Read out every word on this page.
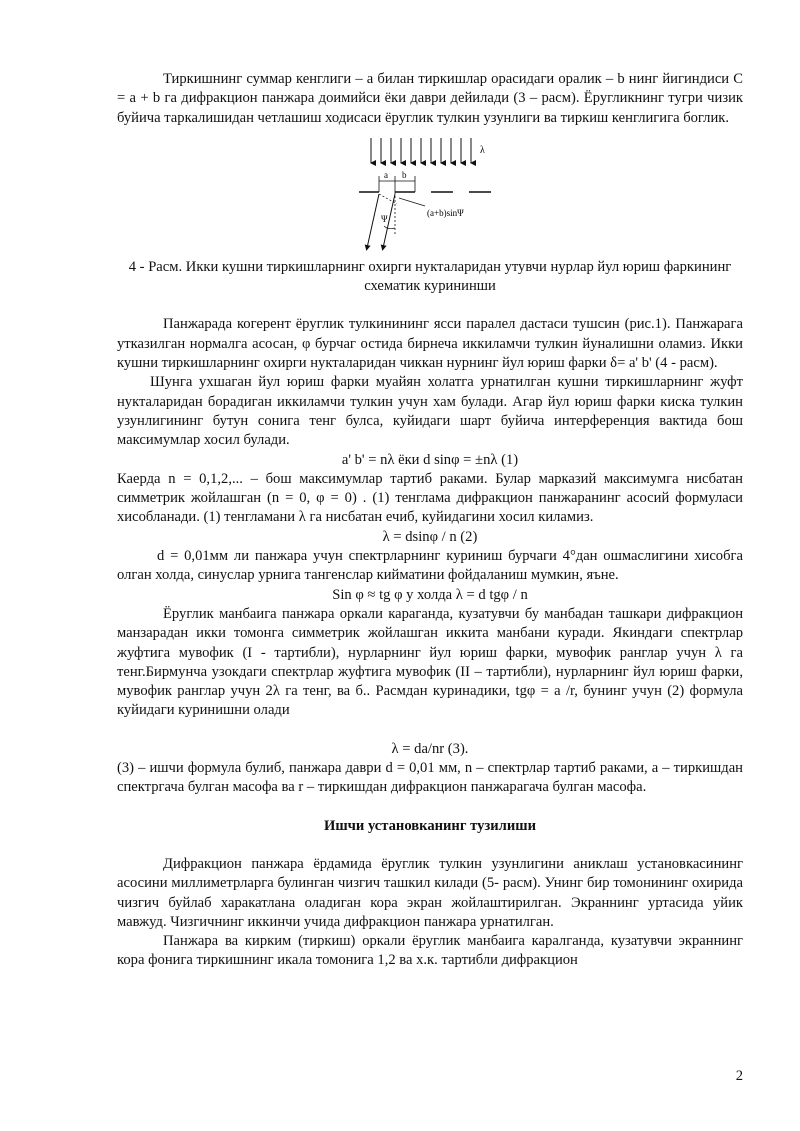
Тиркишнинг суммар кенглиги – а билан тиркишлар орасидаги оралик – b нинг йигиндиси C = a + b га дифракцион панжара доимийси ёки даври дейилади (3 – расм). Ёругликнинг тугри чизик буйича таркалишидан четлашиш ходисаси ёруглик тулкин узунлиги ва тиркиш кенглигига боглик.

λ
a b
(a+b)sinΨ
Ψ

4 - Расм. Икки кушни тиркишларнинг охирги нукталаридан утувчи нурлар йул юриш фаркининг схематик курининши

Панжарада когерент ёруглик тулкинининг ясси паралел дастаси тушсин (рис.1). Панжарага утказилган нормалга асосан, φ бурчаг остида бирнеча иккиламчи тулкин йуналишни оламиз. Икки кушни тиркишларнинг охирги нукталаридан чиккан нурнинг йул юриш фарки δ= a' b' (4 - расм).

Шунга ухшаган йул юриш фарки муайян холатга урнатилган кушни тиркишларнинг жуфт нукталаридан борадиган иккиламчи тулкин учун хам булади. Агар йул юриш фарки киска тулкин узунлигининг бутун сонига тенг булса, куйидаги шарт буйича интерференция вактида бош максимумлар хосил булади.

a' b' = nλ ёки d sinφ = ±nλ (1)

Каерда n = 0,1,2,... – бош максимумлар тартиб раками. Булар марказий максимумга нисбатан симметрик жойлашган (n = 0, φ = 0) . (1) тенглама дифракцион панжаранинг асосий формуласи хисобланади. (1) тенгламани λ га нисбатан ечиб, куйидагини хосил киламиз.

λ = dsinφ / n (2)

d = 0,01мм ли панжара учун спектрларнинг куриниш бурчаги 4°дан ошмаслигини хисобга олган холда, синуслар урнига тангенслар кийматини фойдаланиш мумкин, яъне.

Sin φ ≈ tg φ у холда λ = d tgφ / n

Ёруглик манбаига панжара оркали караганда, кузатувчи бу манбадан ташкари дифракцион манзарадан икки томонга симметрик жойлашган иккита манбани куради. Якиндаги спектрлар жуфтига мувофик (I - тартибли), нурларнинг йул юриш фарки, мувофик ранглар учун λ га тенг.Бирмунча узокдаги спектрлар жуфтига мувофик (II – тартибли), нурларнинг йул юриш фарки, мувофик ранглар учун 2λ га тенг, ва б.. Расмдан куринадики, tgφ = a /r, бунинг учун (2) формула куйидаги куринишни олади

λ = da/nr (3).

(3) – ишчи формула булиб, панжара даври d = 0,01 мм, n – спектрлар тартиб раками, a – тиркишдан спектргача булган масофа ва r – тиркишдан дифракцион панжарагача булган масофа.

Ишчи установканинг тузилиши

Дифракцион панжара ёрдамида ёруглик тулкин узунлигини аниклаш установкасининг асосини миллиметрларга булинган чизгич ташкил килади (5- расм). Унинг бир томонининг охирида чизгич буйлаб харакатлана оладиган кора экран жойлаштирилган. Экраннинг уртасида уйик мавжуд. Чизгичнинг иккинчи учида дифракцион панжара урнатилган.

Панжара ва кирким (тиркиш) оркали ёруглик манбаига каралганда, кузатувчи экраннинг кора фонига тиркишнинг икала томонига 1,2 ва х.к. тартибли дифракцион

2
